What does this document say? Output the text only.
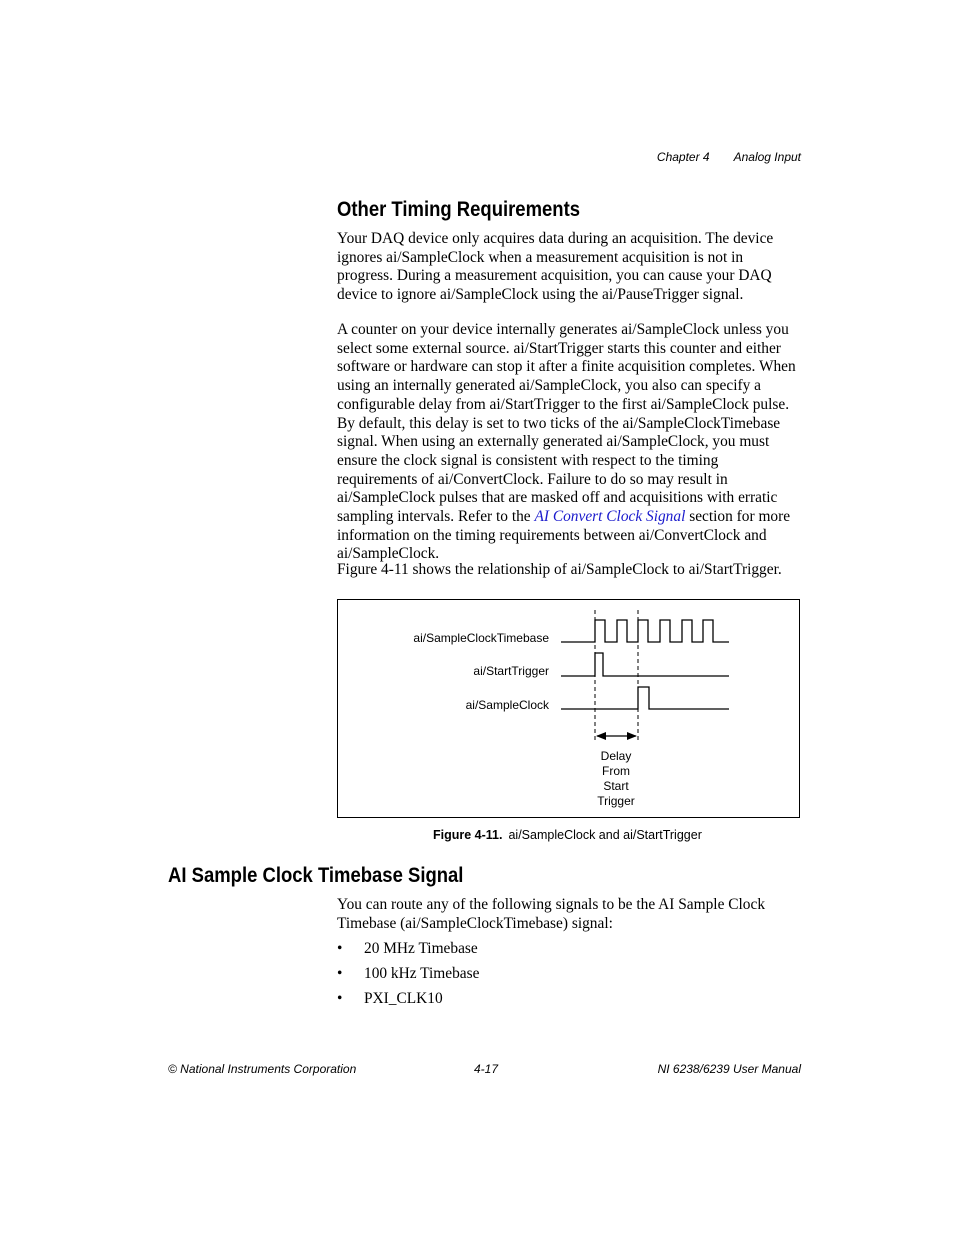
Chapter 4 Analog Input
Other Timing Requirements

Your DAQ device only acquires data during an acquisition. The device ignores ai/SampleClock when a measurement acquisition is not in progress. During a measurement acquisition, you can cause your DAQ device to ignore ai/SampleClock using the ai/PauseTrigger signal.

A counter on your device internally generates ai/SampleClock unless you select some external source. ai/StartTrigger starts this counter and either software or hardware can stop it after a finite acquisition completes. When using an internally generated ai/SampleClock, you also can specify a configurable delay from ai/StartTrigger to the first ai/SampleClock pulse. By default, this delay is set to two ticks of the ai/SampleClockTimebase signal. When using an externally generated ai/SampleClock, you must ensure the clock signal is consistent with respect to the timing requirements of ai/ConvertClock. Failure to do so may result in ai/SampleClock pulses that are masked off and acquisitions with erratic sampling intervals. Refer to the AI Convert Clock Signal section for more information on the timing requirements between ai/ConvertClock and ai/SampleClock.

Figure 4-11 shows the relationship of ai/SampleClock to ai/StartTrigger.

ai/SampleClockTimebase
ai/StartTrigger
ai/SampleClock
Delay
From
Start
Trigger
Figure 4-11. ai/SampleClock and ai/StartTrigger
AI Sample Clock Timebase Signal

You can route any of the following signals to be the AI Sample Clock Timebase (ai/SampleClockTimebase) signal:

• 20 MHz Timebase
• 100 kHz Timebase
• PXI_CLK10
© National Instruments Corporation	4-17	NI 6238/6239 User Manual
